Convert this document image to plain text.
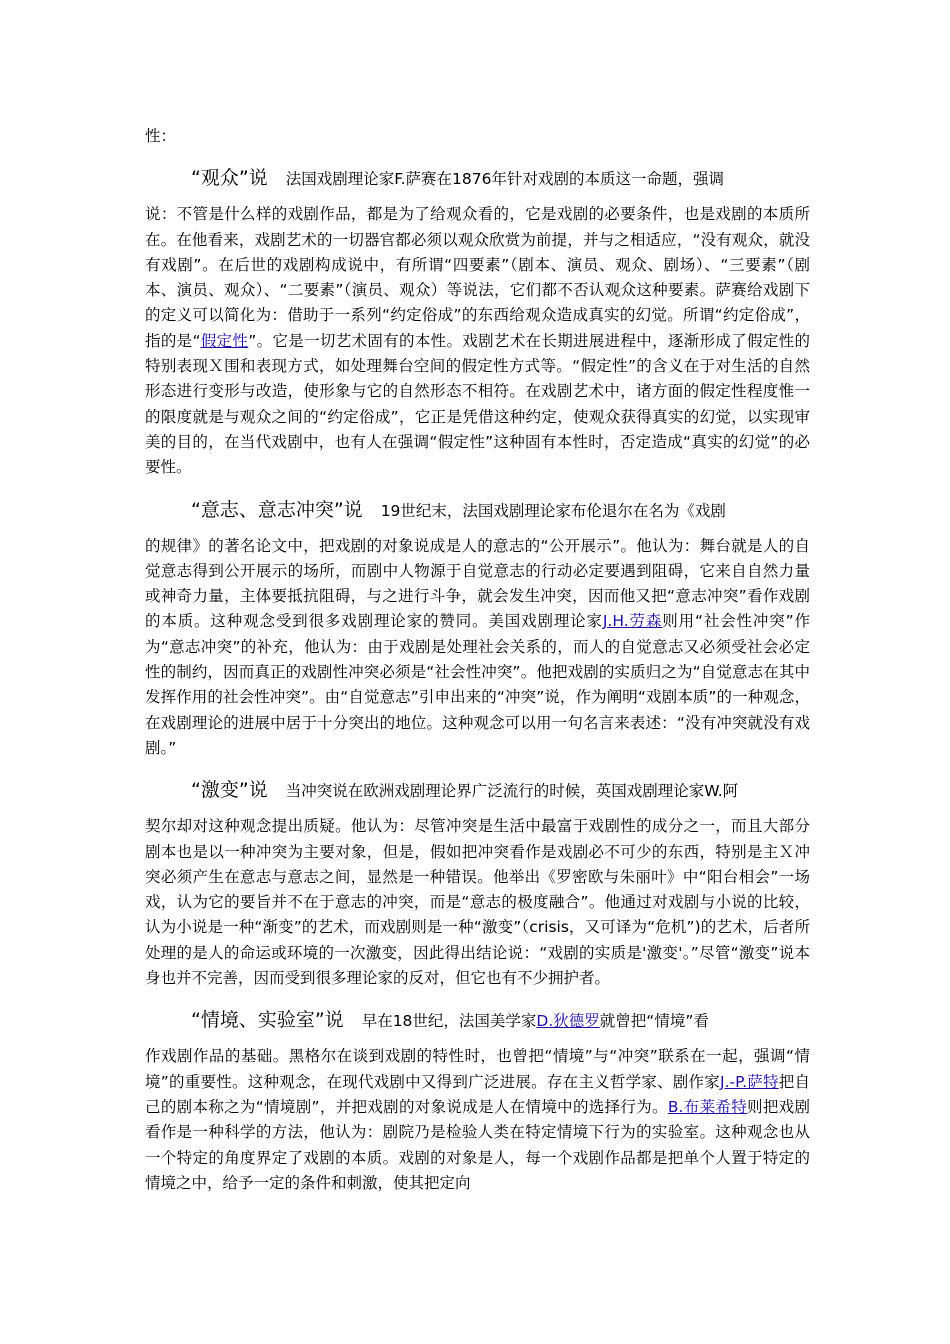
性：

“观众”说 法国戏剧理论家F.萨赛在1876年针对戏剧的本质这一命题，强调

说：不管是什么样的戏剧作品，都是为了给观众看的，它是戏剧的必要条件，也是戏剧的本质所在。在他看来，戏剧艺术的一切器官都必须以观众欣赏为前提，并与之相适应，“没有观众，就没有戏剧”。在后世的戏剧构成说中，有所谓“四要素”（剧本、演员、观众、剧场）、“三要素”（剧本、演员、观众）、“二要素”（演员、观众）等说法，它们都不否认观众这种要素。萨赛给戏剧下的定义可以简化为：借助于一系列“约定俗成”的东西给观众造成真实的幻觉。所谓“约定俗成”，指的是“假定性”。它是一切艺术固有的本性。戏剧艺术在长期进展进程中，逐渐形成了假定性的特别表现Ｘ围和表现方式，如处理舞台空间的假定性方式等。“假定性”的含义在于对生活的自然形态进行变形与改造，使形象与它的自然形态不相符。在戏剧艺术中，诸方面的假定性程度惟一的限度就是与观众之间的“约定俗成”，它正是凭借这种约定，使观众获得真实的幻觉，以实现审美的目的，在当代戏剧中，也有人在强调“假定性”这种固有本性时，否定造成“真实的幻觉”的必要性。

“意志、意志冲突”说 19世纪末，法国戏剧理论家布伦退尔在名为《戏剧

的规律》的著名论文中，把戏剧的对象说成是人的意志的“公开展示”。他认为：舞台就是人的自觉意志得到公开展示的场所，而剧中人物源于自觉意志的行动必定要遇到阻碍，它来自自然力量或神奇力量，主体要抵抗阻碍，与之进行斗争，就会发生冲突，因而他又把“意志冲突”看作戏剧的本质。这种观念受到很多戏剧理论家的赞同。美国戏剧理论家J.H.劳森则用“社会性冲突”作为“意志冲突”的补充，他认为：由于戏剧是处理社会关系的，而人的自觉意志又必须受社会必定性的制约，因而真正的戏剧性冲突必须是“社会性冲突”。他把戏剧的实质归之为“自觉意志在其中发挥作用的社会性冲突”。由“自觉意志”引申出来的“冲突”说，作为阐明“戏剧本质”的一种观念，在戏剧理论的进展中居于十分突出的地位。这种观念可以用一句名言来表述：“没有冲突就没有戏剧。”

“激变”说 当冲突说在欧洲戏剧理论界广泛流行的时候，英国戏剧理论家W.阿

契尔却对这种观念提出质疑。他认为：尽管冲突是生活中最富于戏剧性的成分之一，而且大部分剧本也是以一种冲突为主要对象，但是，假如把冲突看作是戏剧必不可少的东西，特别是主Ｘ冲突必须产生在意志与意志之间，显然是一种错误。他举出《罗密欧与朱丽叶》中“阳台相会”一场戏，认为它的要旨并不在于意志的冲突，而是“意志的极度融合”。他通过对戏剧与小说的比较，认为小说是一种“渐变”的艺术，而戏剧则是一种“激变”（crisis，又可译为“危机”)的艺术，后者所处理的是人的命运或环境的一次激变，因此得出结论说：“戏剧的实质是'激变'。”尽管“激变”说本身也并不完善，因而受到很多理论家的反对，但它也有不少拥护者。

“情境、实验室”说 早在18世纪，法国美学家D.狄德罗就曾把“情境”看

作戏剧作品的基础。黑格尔在谈到戏剧的特性时，也曾把“情境”与“冲突”联系在一起，强调“情境”的重要性。这种观念，在现代戏剧中又得到广泛进展。存在主义哲学家、剧作家J.-P.萨特把自己的剧本称之为“情境剧”，并把戏剧的对象说成是人在情境中的选择行为。B.布莱希特则把戏剧看作是一种科学的方法，他认为：剧院乃是检验人类在特定情境下行为的实验室。这种观念也从一个特定的角度界定了戏剧的本质。戏剧的对象是人，每一个戏剧作品都是把单个人置于特定的情境之中，给予一定的条件和刺激，使其把定向
